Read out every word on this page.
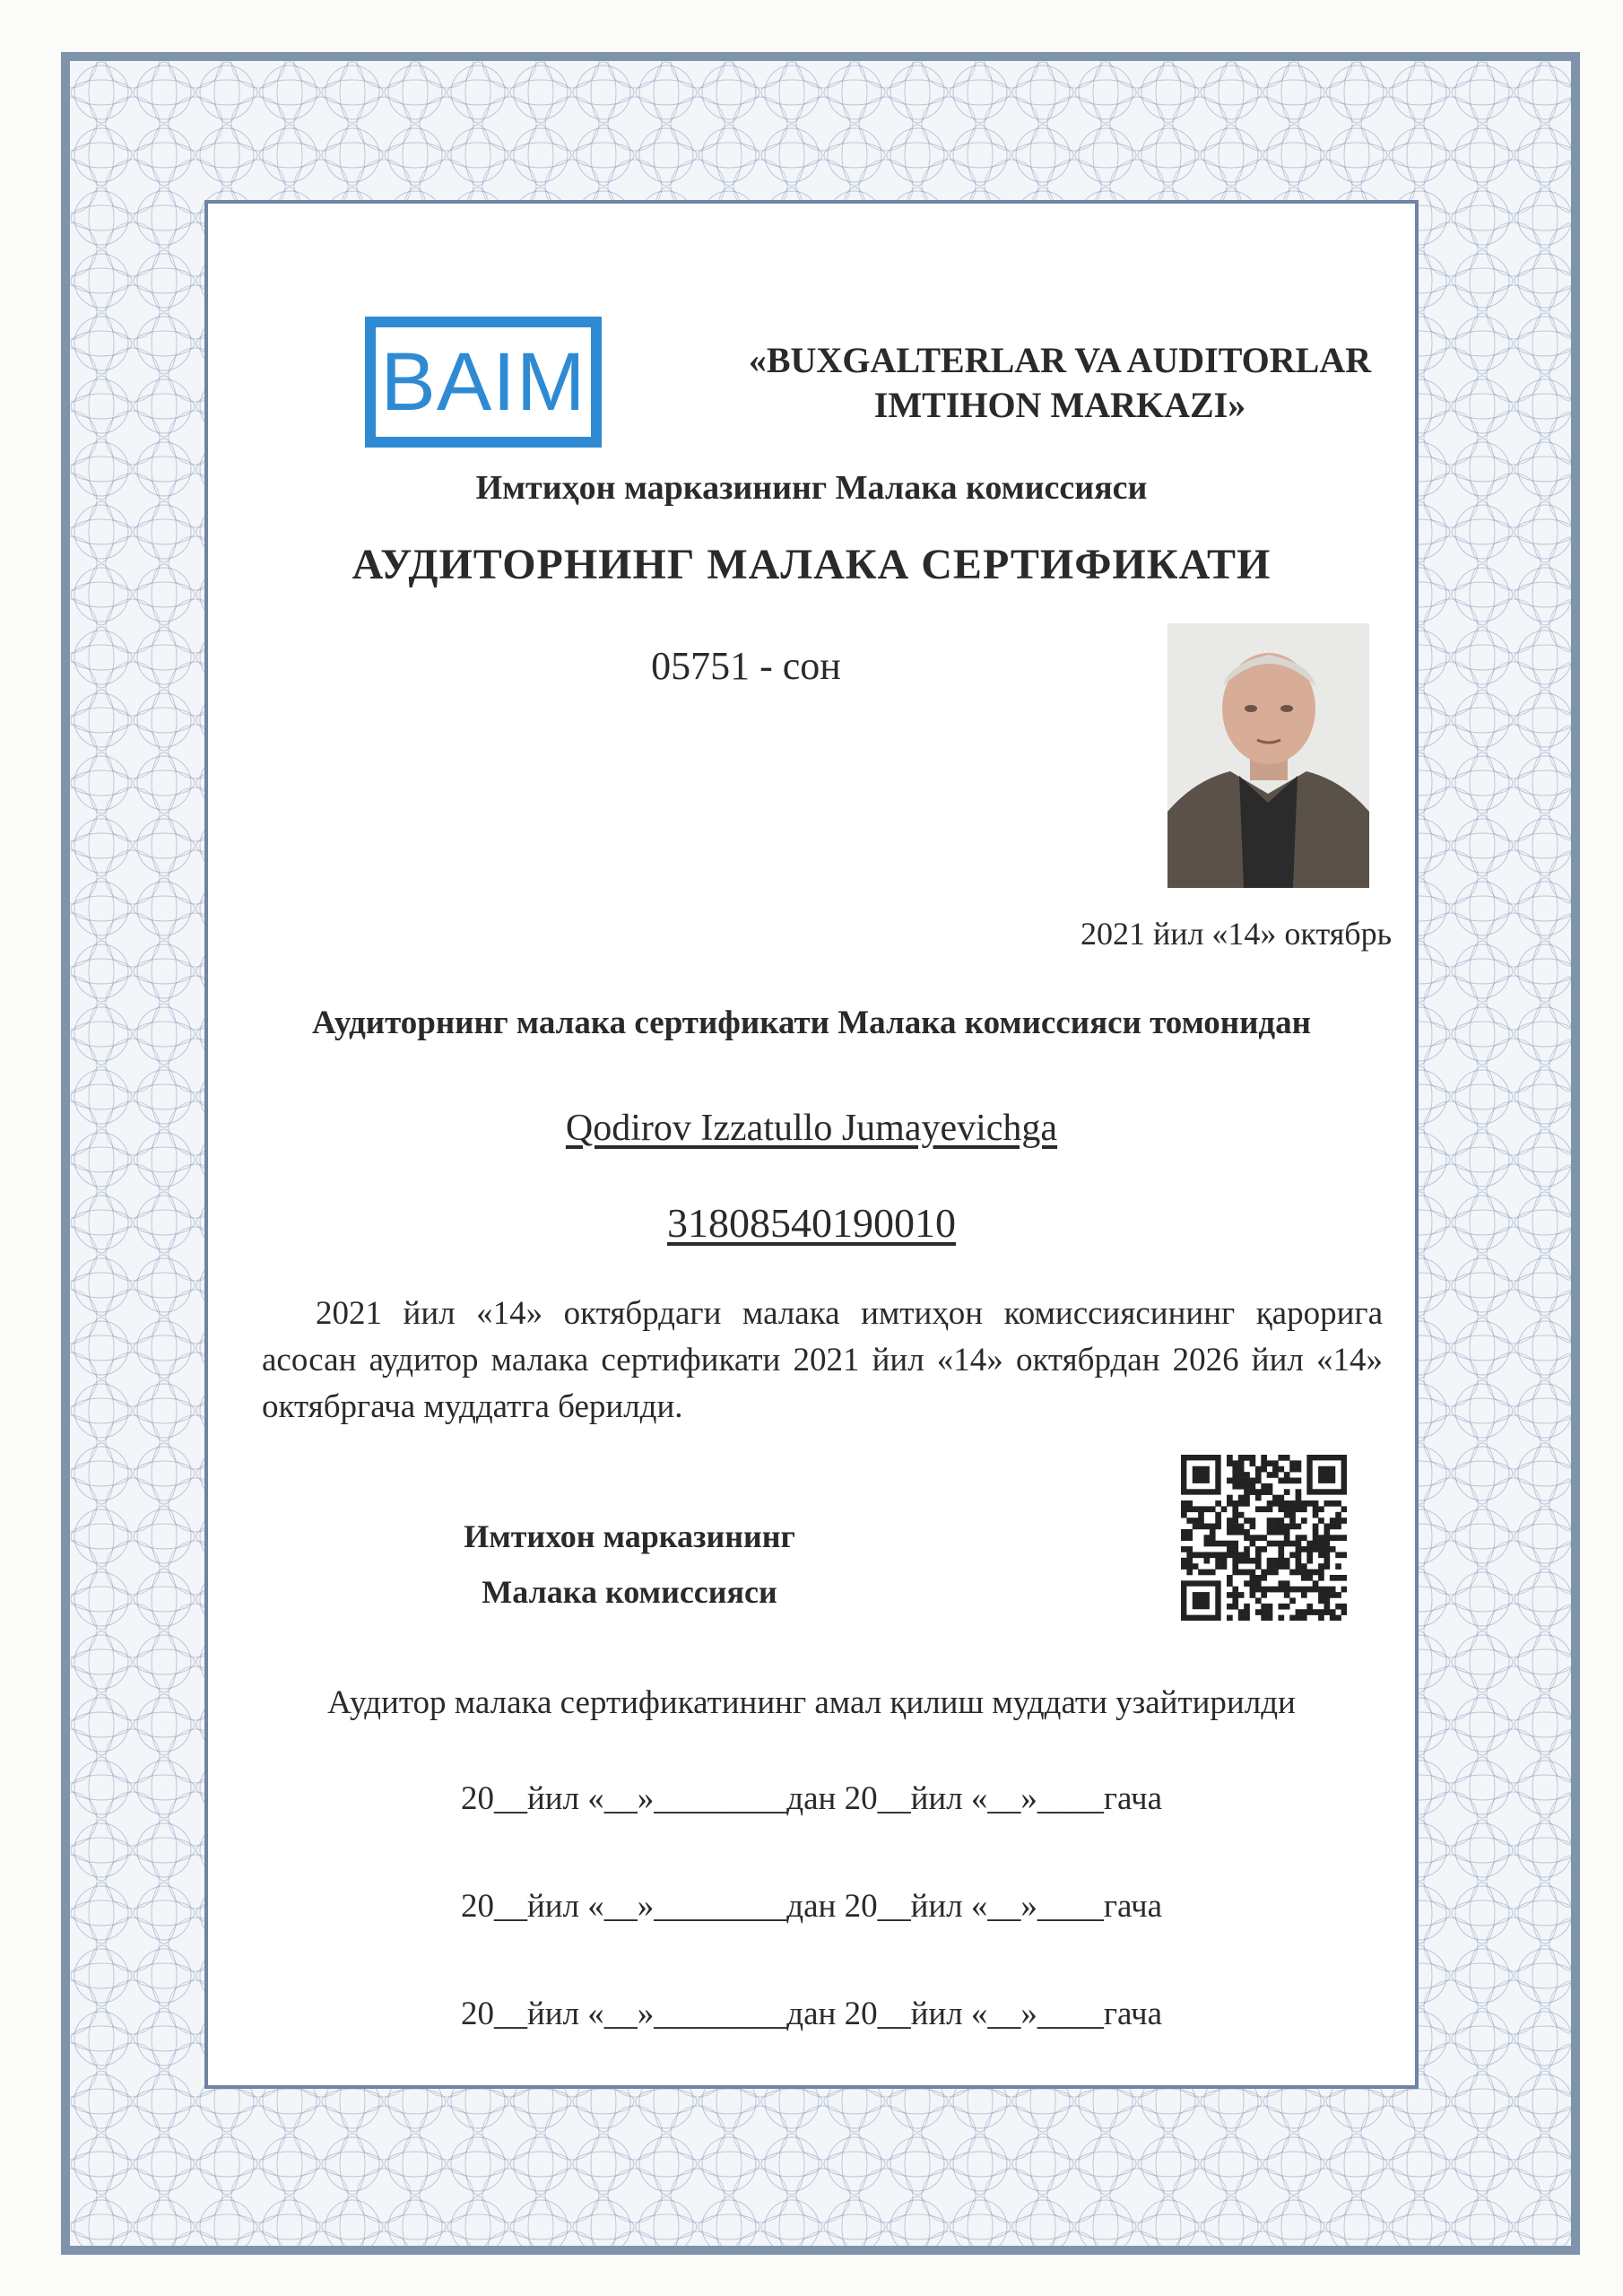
BAIM	«BUXGALTERLAR VA AUDITORLAR
IMTIHON MARKAZI»
Имтиҳон марказининг Малака комиссияси
АУДИТОРНИНГ МАЛАКА СЕРТИФИКАТИ
05751 - сон
2021 йил «14» октябрь
Аудиторнинг малака сертификати Малака комиссияси томонидан
Qodirov Izzatullo Jumayevichga
31808540190010
2021 йил «14» октябрдаги малака имтиҳон комиссиясининг қарорига асосан аудитор малака сертификати 2021 йил «14» октябрдан 2026 йил «14» октябргача муддатга берилди.
Имтихон марказининг
Малака комиссияси
Аудитор малака сертификатининг амал қилиш муддати узайтирилди
20__йил «__»________дан 20__йил «__»____гача
20__йил «__»________дан 20__йил «__»____гача
20__йил «__»________дан 20__йил «__»____гача
